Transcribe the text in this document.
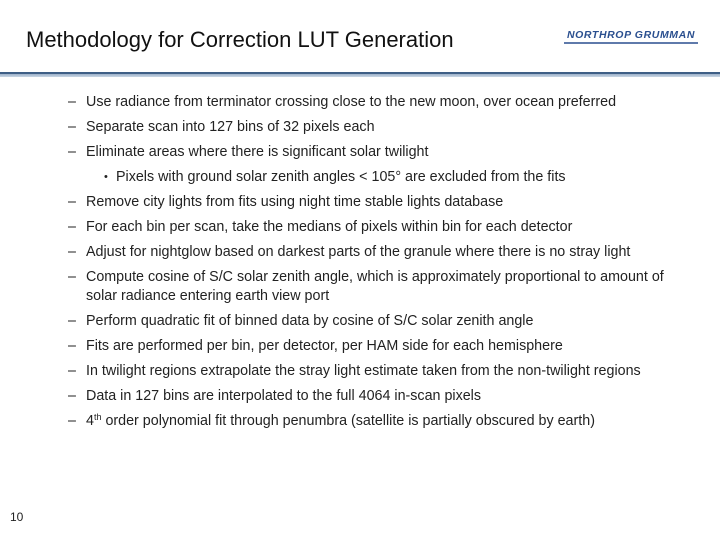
Methodology for Correction LUT Generation	NORTHROP GRUMMAN
– Use radiance from terminator crossing close to the new moon, over ocean preferred
– Separate scan into 127 bins of 32 pixels each
– Eliminate areas where there is significant solar twilight
• Pixels with ground solar zenith angles < 105° are excluded from the fits
– Remove city lights from fits using night time stable lights database
– For each bin per scan, take the medians of pixels within bin for each detector
– Adjust for nightglow based on darkest parts of the granule where there is no stray light
– Compute cosine of S/C solar zenith angle, which is approximately proportional to amount of solar radiance entering earth view port
– Perform quadratic fit of binned data by cosine of S/C solar zenith angle
– Fits are performed per bin, per detector, per HAM side for each hemisphere
– In twilight regions extrapolate the stray light estimate taken from the non-twilight regions
– Data in 127 bins are interpolated to the full 4064 in-scan pixels
– 4th order polynomial fit through penumbra (satellite is partially obscured by earth)
10
